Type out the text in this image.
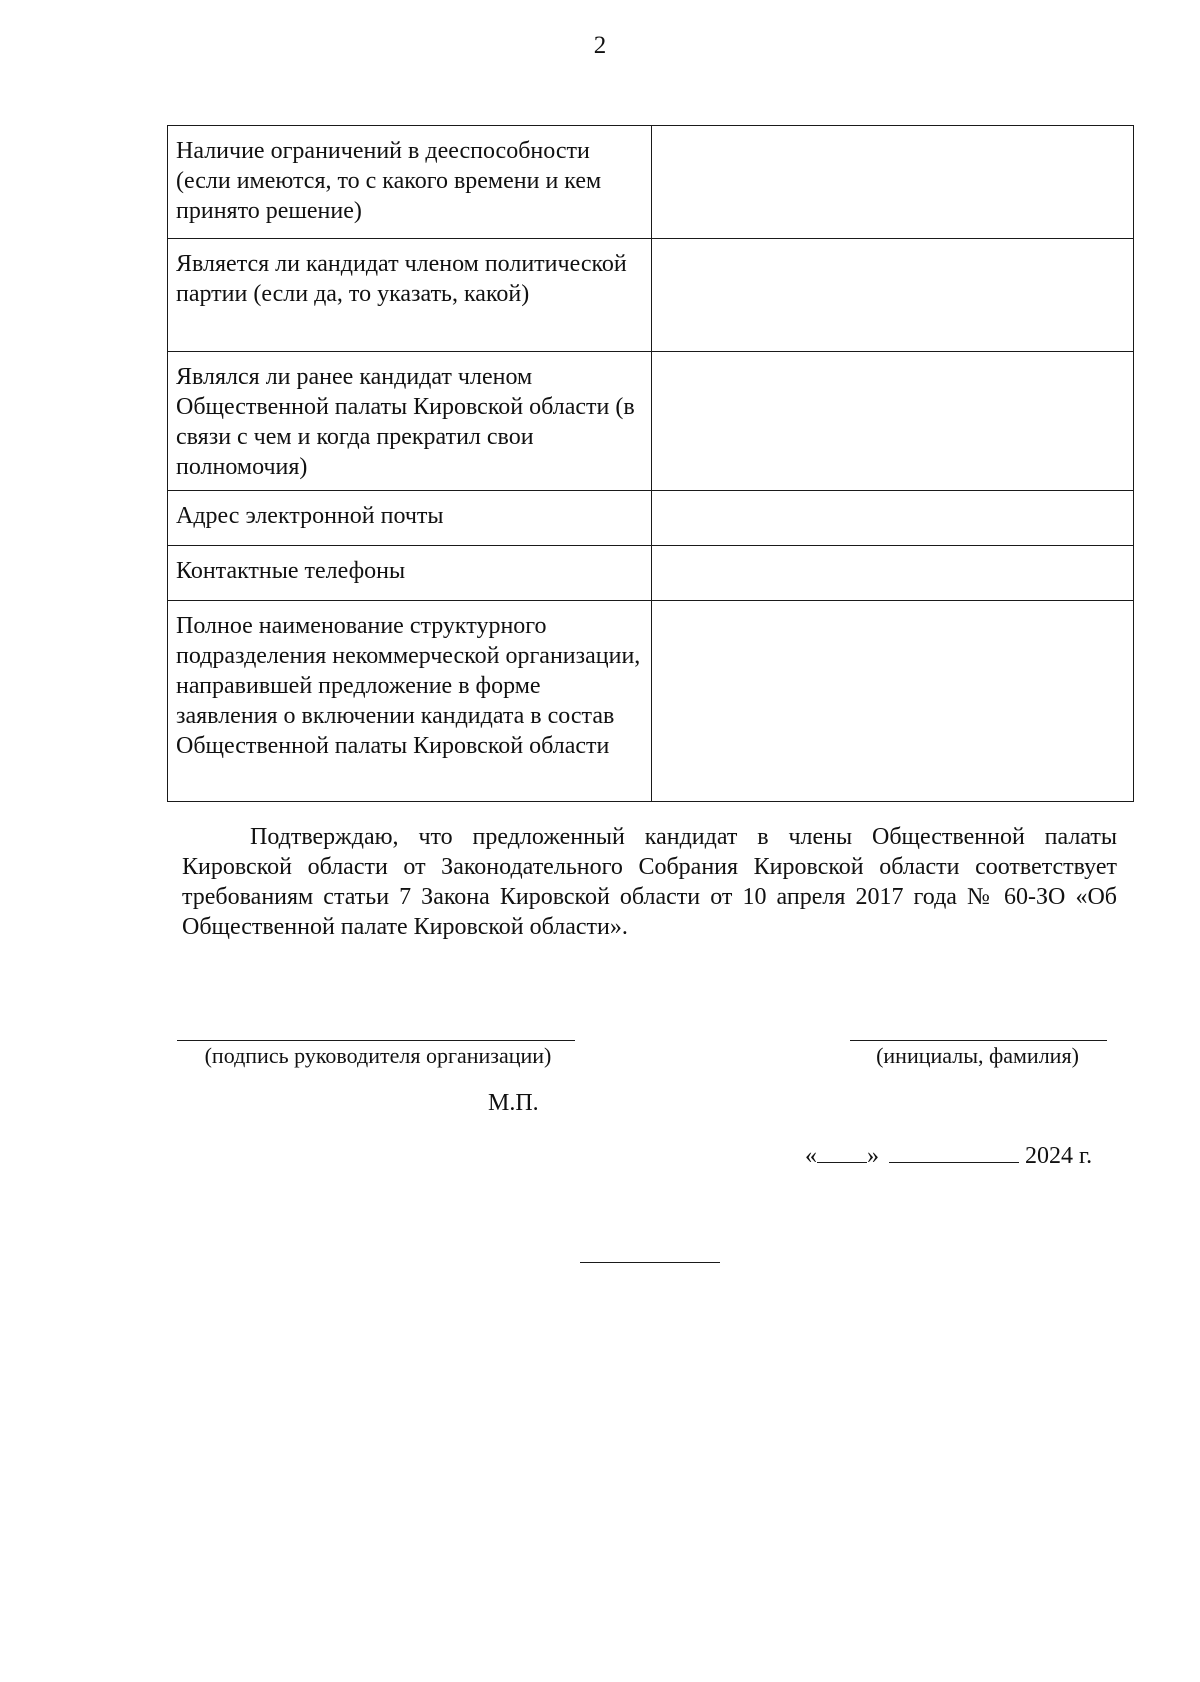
2
Наличие ограничений в дееспособности (если имеются, то с какого времени и кем принято решение)	
Является ли кандидат членом политической партии (если да, то указать, какой)	
Являлся ли ранее кандидат членом Общественной палаты Кировской области (в связи с чем и когда прекратил свои полномочия)	
Адрес электронной почты	
Контактные телефоны	
Полное наименование структурного подразделения некоммерческой организации, направившей предложение в форме заявления о включении кандидата в состав Общественной палаты Кировской области	

Подтверждаю, что предложенный кандидат в члены Общественной палаты Кировской области от Законодательного Собрания Кировской области соответствует требованиям статьи 7 Закона Кировской области от 10 апреля 2017 года № 60-ЗО «Об Общественной палате Кировской области».

(подпись руководителя организации)	(инициалы, фамилия)
М.П.
« »	2024 г.
